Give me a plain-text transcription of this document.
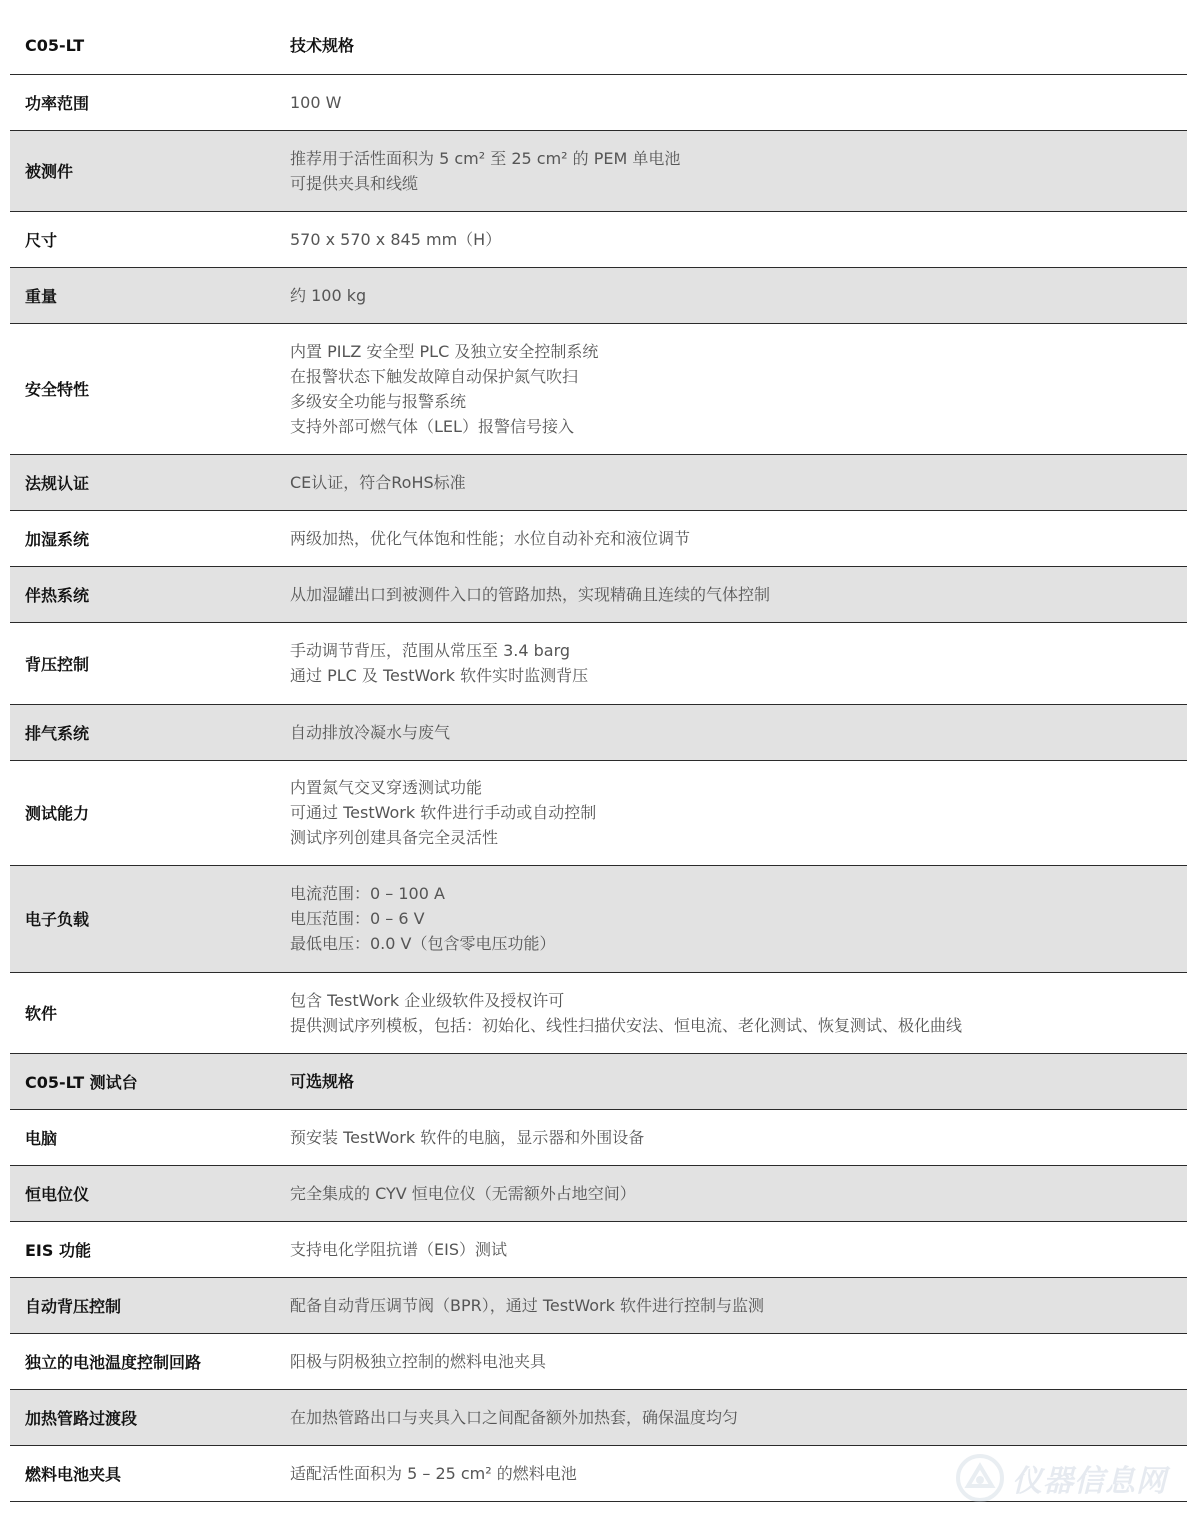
C05-LT	技术规格

功率范围	100 W

被测件	推荐用于活性面积为 5 cm² 至 25 cm² 的 PEM 单电池
可提供夹具和线缆

尺寸	570 x 570 x 845 mm（H）

重量	约 100 kg

安全特性	内置 PILZ 安全型 PLC 及独立安全控制系统
在报警状态下触发故障自动保护氮气吹扫
多级安全功能与报警系统
支持外部可燃气体（LEL）报警信号接入

法规认证	CE认证，符合RoHS标准

加湿系统	两级加热，优化气体饱和性能；水位自动补充和液位调节

伴热系统	从加湿罐出口到被测件入口的管路加热，实现精确且连续的气体控制

背压控制	手动调节背压，范围从常压至 3.4 barg
通过 PLC 及 TestWork 软件实时监测背压

排气系统	自动排放冷凝水与废气

测试能力	内置氮气交叉穿透测试功能
可通过 TestWork 软件进行手动或自动控制
测试序列创建具备完全灵活性

电子负载	电流范围：0 – 100 A
电压范围：0 – 6 V
最低电压：0.0 V（包含零电压功能）

软件	包含 TestWork 企业级软件及授权许可
提供测试序列模板，包括：初始化、线性扫描伏安法、恒电流、老化测试、恢复测试、极化曲线

C05-LT 测试台	可选规格

电脑	预安装 TestWork 软件的电脑，显示器和外围设备

恒电位仪	完全集成的 CYV 恒电位仪（无需额外占地空间）

EIS 功能	支持电化学阻抗谱（EIS）测试

自动背压控制	配备自动背压调节阀（BPR），通过 TestWork 软件进行控制与监测

独立的电池温度控制回路	阳极与阴极独立控制的燃料电池夹具

加热管路过渡段	在加热管路出口与夹具入口之间配备额外加热套，确保温度均匀

燃料电池夹具	适配活性面积为 5 – 25 cm² 的燃料电池	仪器信息网
